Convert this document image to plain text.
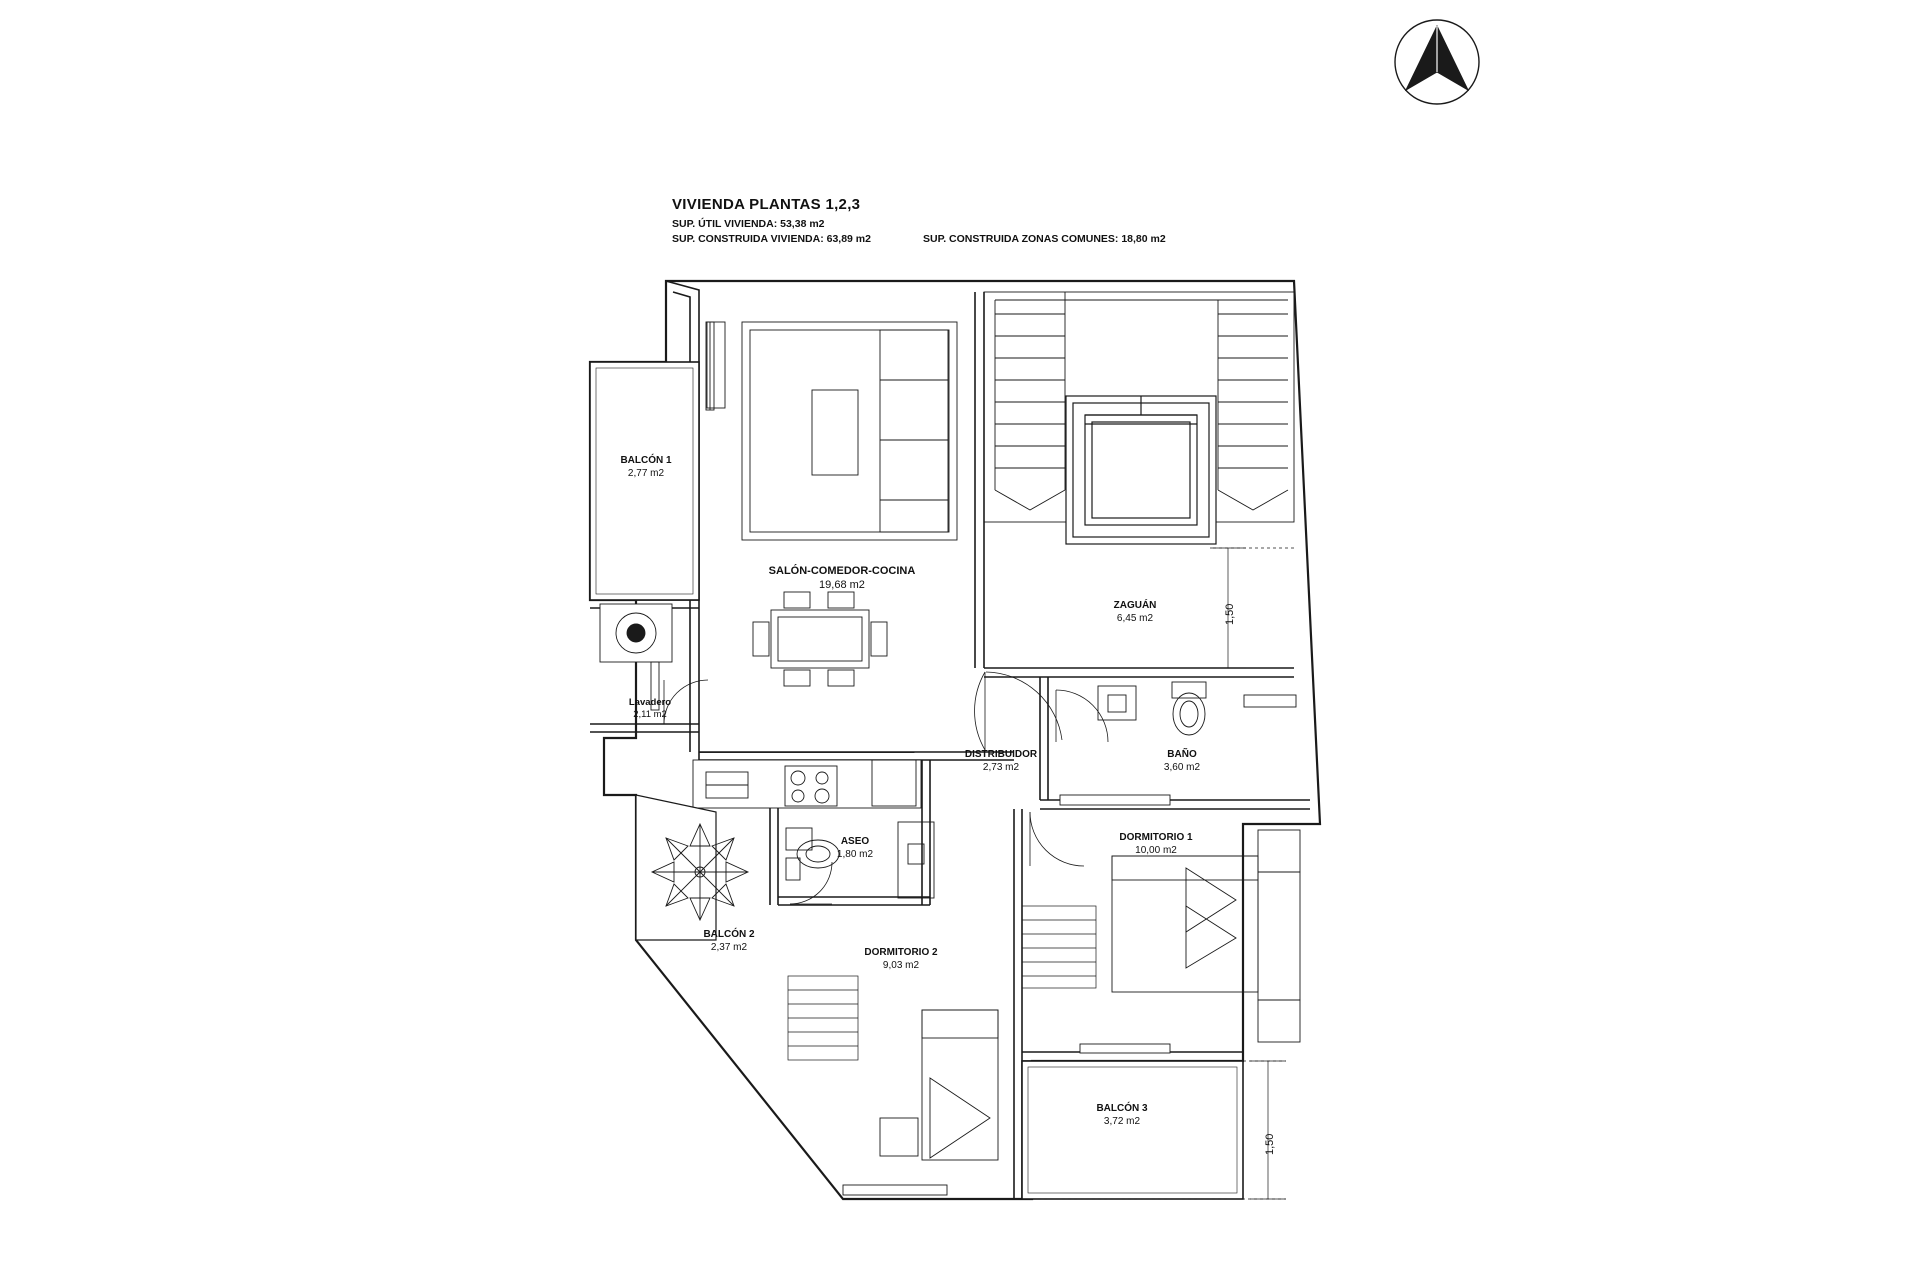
VIVIENDA PLANTAS 1,2,3
SUP. ÚTIL VIVIENDA: 53,38 m2
SUP. CONSTRUIDA VIVIENDA: 63,89 m2	SUP. CONSTRUIDA ZONAS COMUNES: 18,80 m2
BALCÓN 1
2,77 m2
SALÓN-COMEDOR-COCINA
19,68 m2
ZAGUÁN
6,45 m2
Lavadero
2,11 m2
DISTRIBUIDOR
2,73 m2
BAÑO
3,60 m2
ASEO
1,80 m2
DORMITORIO 1
10,00 m2
BALCÓN 2
2,37 m2	DORMITORIO 2
9,03 m2
BALCÓN 3
3,72 m2
1,50
1,50
